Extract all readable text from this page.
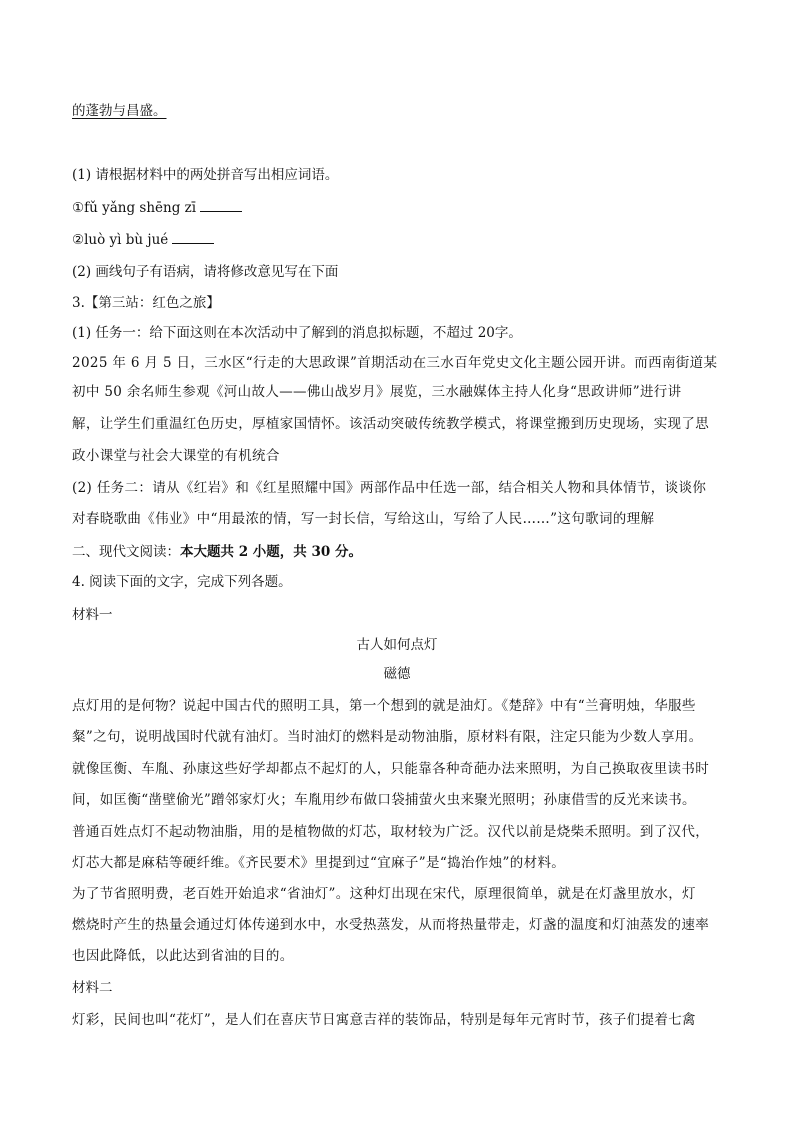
的蓬勃与昌盛。
(1) 请根据材料中的两处拼音写出相应词语。
①fǔ yǎng shēng zī
②luò yì bù jué
(2) 画线句子有语病，请将修改意见写在下面
3.【第三站：红色之旅】
(1) 任务一：给下面这则在本次活动中了解到的消息拟标题，不超过 20字。
2025 年 6 月 5 日，三水区“行走的大思政课”首期活动在三水百年党史文化主题公园开讲。而西南街道某
初中 50 余名师生参观《河山故人——佛山战岁月》展览，三水融媒体主持人化身“思政讲师”进行讲
解，让学生们重温红色历史，厚植家国情怀。该活动突破传统教学模式，将课堂搬到历史现场，实现了思
政小课堂与社会大课堂的有机统合
(2) 任务二：请从《红岩》和《红星照耀中国》两部作品中任选一部，结合相关人物和具体情节，谈谈你
对春晓歌曲《伟业》中“用最浓的情，写一封长信，写给这山，写给了人民……”这句歌词的理解
二、现代文阅读：本大题共 2 小题，共 30 分。
4. 阅读下面的文字，完成下列各题。
材料一
古人如何点灯
磁德
点灯用的是何物？说起中国古代的照明工具，第一个想到的就是油灯。《楚辞》中有“兰膏明烛，华服些
粲”之句，说明战国时代就有油灯。当时油灯的燃料是动物油脂，原材料有限，注定只能为少数人享用。
就像匡衡、车胤、孙康这些好学却都点不起灯的人，只能靠各种奇葩办法来照明，为自己换取夜里读书时
间，如匡衡“凿壁偷光”蹭邻家灯火；车胤用纱布做口袋捕萤火虫来聚光照明；孙康借雪的反光来读书。
普通百姓点灯不起动物油脂，用的是植物做的灯芯，取材较为广泛。汉代以前是烧柴禾照明。到了汉代，
灯芯大都是麻秸等硬纤维。《齐民要术》里提到过“宜麻子”是“捣治作烛”的材料。
为了节省照明费，老百姓开始追求“省油灯”。这种灯出现在宋代，原理很简单，就是在灯盏里放水，灯
燃烧时产生的热量会通过灯体传递到水中，水受热蒸发，从而将热量带走，灯盏的温度和灯油蒸发的速率
也因此降低，以此达到省油的目的。
材料二
灯彩，民间也叫“花灯”，是人们在喜庆节日寓意吉祥的装饰品，特别是每年元宵时节，孩子们提着七禽
